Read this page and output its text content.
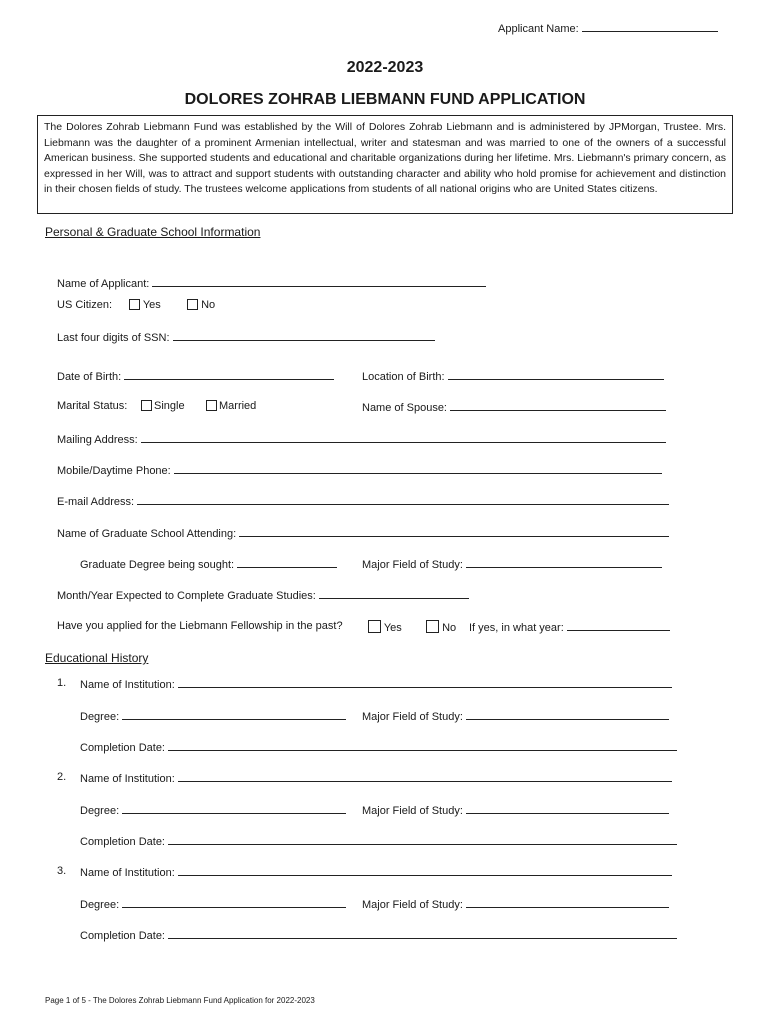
Applicant Name:
2022-2023
DOLORES ZOHRAB LIEBMANN FUND APPLICATION
The Dolores Zohrab Liebmann Fund was established by the Will of Dolores Zohrab Liebmann and is administered by JPMorgan, Trustee. Mrs. Liebmann was the daughter of a prominent Armenian intellectual, writer and statesman and was married to one of the owners of a successful American business. She supported students and educational and charitable organizations during her lifetime. Mrs. Liebmann's primary concern, as expressed in her Will, was to attract and support students with outstanding character and ability who hold promise for achievement and distinction in their chosen fields of study. The trustees welcome applications from students of all national origins who are United States citizens.
Personal & Graduate School Information
Name of Applicant:
US Citizen:	Yes	No
Last four digits of SSN:
Date of Birth:	Location of Birth:
Marital Status:	Single	Married	Name of Spouse:
Mailing Address:
Mobile/Daytime Phone:
E-mail Address:
Name of Graduate School Attending:
Graduate Degree being sought:	Major Field of Study:
Month/Year Expected to Complete Graduate Studies:
Have you applied for the Liebmann Fellowship in the past?	Yes	No If yes, in what year:
Educational History
1. Name of Institution:
Degree:	Major Field of Study:
Completion Date:
2. Name of Institution:
Degree:	Major Field of Study:
Completion Date:
3. Name of Institution:
Degree:	Major Field of Study:
Completion Date:
Page 1 of 5 - The Dolores Zohrab Liebmann Fund Application for 2022-2023
